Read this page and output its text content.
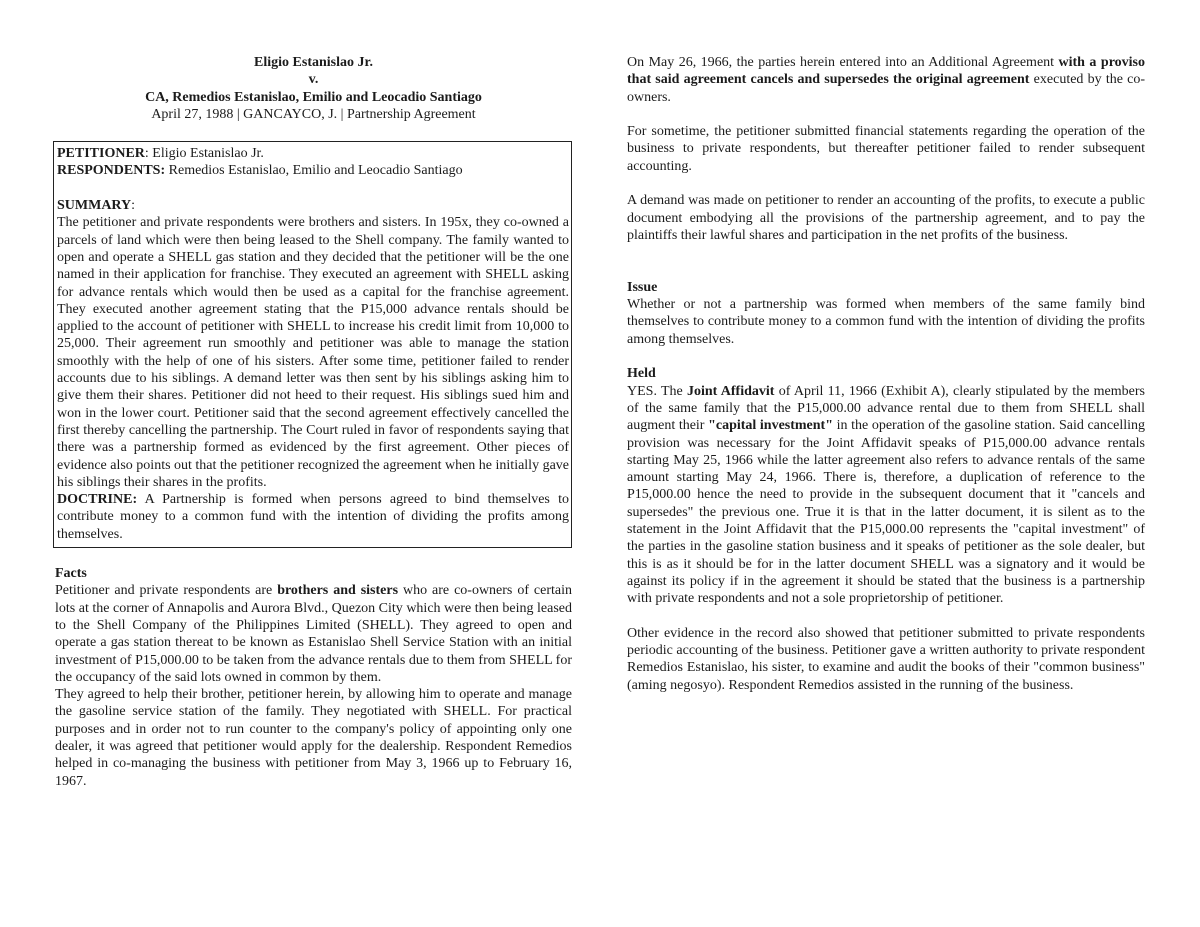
Eligio Estanislao Jr.
v.
CA, Remedios Estanislao, Emilio and Leocadio Santiago
April 27, 1988 | GANCAYCO, J. | Partnership Agreement
PETITIONER: Eligio Estanislao Jr.
RESPONDENTS: Remedios Estanislao, Emilio and Leocadio Santiago
SUMMARY:

The petitioner and private respondents were brothers and sisters. In 195x, they co-owned a parcels of land which were then being leased to the Shell company. The family wanted to open and operate a SHELL gas station and they decided that the petitioner will be the one named in their application for franchise. They executed an agreement with SHELL asking for advance rentals which would then be used as a capital for the franchise agreement. They executed another agreement stating that the P15,000 advance rentals should be applied to the account of petitioner with SHELL to increase his credit limit from 10,000 to 25,000. Their agreement run smoothly and petitioner was able to manage the station smoothly with the help of one of his sisters. After some time, petitioner failed to render accounts due to his siblings. A demand letter was then sent by his siblings asking him to give them their shares. Petitioner did not heed to their request. His siblings sued him and won in the lower court. Petitioner said that the second agreement effectively cancelled the first thereby cancelling the partnership. The Court ruled in favor of respondents saying that there was a partnership formed as evidenced by the first agreement. Other pieces of evidence also points out that the petitioner recognized the agreement when he initially gave his siblings their shares in the profits.

DOCTRINE: A Partnership is formed when persons agreed to bind themselves to contribute money to a common fund with the intention of dividing the profits among themselves.

Facts

Petitioner and private respondents are brothers and sisters who are co-owners of certain lots at the corner of Annapolis and Aurora Blvd., Quezon City which were then being leased to the Shell Company of the Philippines Limited (SHELL). They agreed to open and operate a gas station thereat to be known as Estanislao Shell Service Station with an initial investment of P15,000.00 to be taken from the advance rentals due to them from SHELL for the occupancy of the said lots owned in common by them.

They agreed to help their brother, petitioner herein, by allowing him to operate and manage the gasoline service station of the family. They negotiated with SHELL. For practical purposes and in order not to run counter to the company's policy of appointing only one dealer, it was agreed that petitioner would apply for the dealership. Respondent Remedios helped in co-managing the business with petitioner from May 3, 1966 up to February 16, 1967.

On May 26, 1966, the parties herein entered into an Additional Agreement with a proviso that said agreement cancels and supersedes the original agreement executed by the co-owners.

For sometime, the petitioner submitted financial statements regarding the operation of the business to private respondents, but thereafter petitioner failed to render subsequent accounting.

A demand was made on petitioner to render an accounting of the profits, to execute a public document embodying all the provisions of the partnership agreement, and to pay the plaintiffs their lawful shares and participation in the net profits of the business.

Issue

Whether or not a partnership was formed when members of the same family bind themselves to contribute money to a common fund with the intention of dividing the profits among themselves.

Held

YES. The Joint Affidavit of April 11, 1966 (Exhibit A), clearly stipulated by the members of the same family that the P15,000.00 advance rental due to them from SHELL shall augment their "capital investment" in the operation of the gasoline station. Said cancelling provision was necessary for the Joint Affidavit speaks of P15,000.00 advance rentals starting May 25, 1966 while the latter agreement also refers to advance rentals of the same amount starting May 24, 1966. There is, therefore, a duplication of reference to the P15,000.00 hence the need to provide in the subsequent document that it "cancels and supersedes" the previous one. True it is that in the latter document, it is silent as to the statement in the Joint Affidavit that the P15,000.00 represents the "capital investment" of the parties in the gasoline station business and it speaks of petitioner as the sole dealer, but this is as it should be for in the latter document SHELL was a signatory and it would be against its policy if in the agreement it should be stated that the business is a partnership with private respondents and not a sole proprietorship of petitioner.

Other evidence in the record also showed that petitioner submitted to private respondents periodic accounting of the business. Petitioner gave a written authority to private respondent Remedios Estanislao, his sister, to examine and audit the books of their "common business" (aming negosyo). Respondent Remedios assisted in the running of the business.
